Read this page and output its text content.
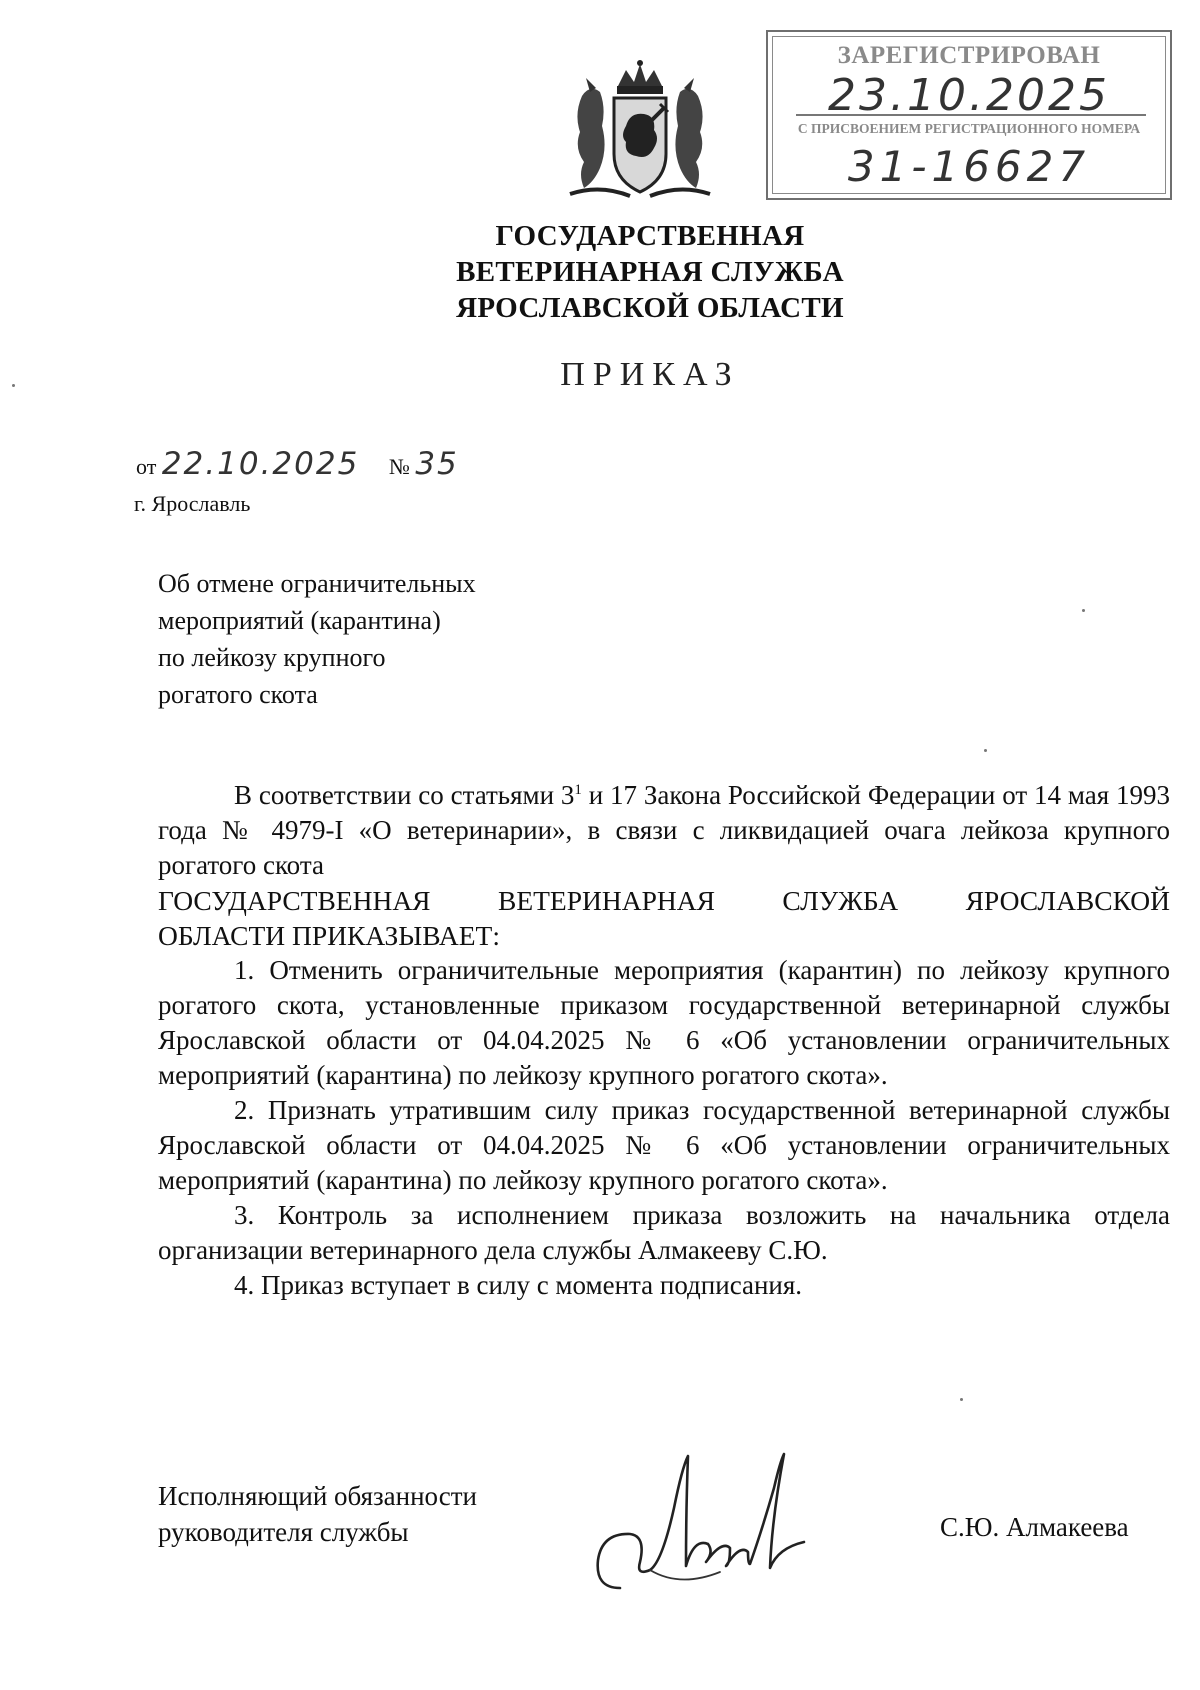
ЗАРЕГИСТРИРОВАН
23.10.2025
С ПРИСВОЕНИЕМ РЕГИСТРАЦИОННОГО НОМЕРА
31-16627
ГОСУДАРСТВЕННАЯ
ВЕТЕРИНАРНАЯ СЛУЖБА
ЯРОСЛАВСКОЙ ОБЛАСТИ
ПРИКАЗ
от 22.10.2025 № 35
г. Ярославль
Об отмене ограничительных
мероприятий (карантина)
по лейкозу крупного
рогатого скота

В соответствии со статьями $3^1$ и 17 Закона Российской Федерации от 14 мая 1993 года № 4979-I «О ветеринарии», в связи с ликвидацией очага лейкоза крупного рогатого скота

ГОСУДАРСТВЕННАЯ ВЕТЕРИНАРНАЯ СЛУЖБА ЯРОСЛАВСКОЙ

ОБЛАСТИ ПРИКАЗЫВАЕТ:

1. Отменить ограничительные мероприятия (карантин) по лейкозу крупного рогатого скота, установленные приказом государственной ветеринарной службы Ярославской области от 04.04.2025 № 6 «Об установлении ограничительных мероприятий (карантина) по лейкозу крупного рогатого скота».

2. Признать утратившим силу приказ государственной ветеринарной службы Ярославской области от 04.04.2025 № 6 «Об установлении ограничительных мероприятий (карантина) по лейкозу крупного рогатого скота».

3. Контроль за исполнением приказа возложить на начальника отдела организации ветеринарного дела службы Алмакееву С.Ю.

4. Приказ вступает в силу с момента подписания.

Исполняющий обязанности
руководителя службы	С.Ю. Алмакеева
